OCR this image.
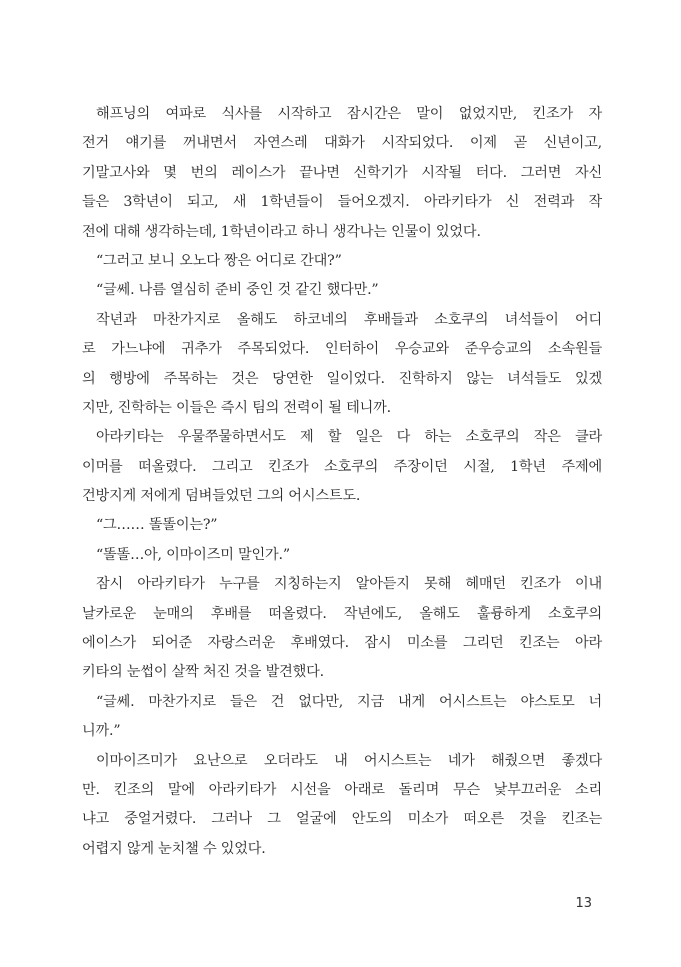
해프닝의 여파로 식사를 시작하고 잠시간은 말이 없었지만, 킨조가 자
전거 얘기를 꺼내면서 자연스레 대화가 시작되었다. 이제 곧 신년이고,
기말고사와 몇 번의 레이스가 끝나면 신학기가 시작될 터다. 그러면 자신
들은 3학년이 되고, 새 1학년들이 들어오겠지. 아라키타가 신 전력과 작
전에 대해 생각하는데, 1학년이라고 하니 생각나는 인물이 있었다.

“그러고 보니 오노다 짱은 어디로 간대?”

“글쎄. 나름 열심히 준비 중인 것 같긴 했다만.”

작년과 마찬가지로 올해도 하코네의 후배들과 소호쿠의 녀석들이 어디
로 가느냐에 귀추가 주목되었다. 인터하이 우승교와 준우승교의 소속원들
의 행방에 주목하는 것은 당연한 일이었다. 진학하지 않는 녀석들도 있겠
지만, 진학하는 이들은 즉시 팀의 전력이 될 테니까.

아라키타는 우물쭈물하면서도 제 할 일은 다 하는 소호쿠의 작은 클라
이머를 떠올렸다. 그리고 킨조가 소호쿠의 주장이던 시절, 1학년 주제에
건방지게 저에게 덤벼들었던 그의 어시스트도.

“그…… 똘똘이는?”

“똘똘…아, 이마이즈미 말인가.”

잠시 아라키타가 누구를 지칭하는지 알아듣지 못해 헤매던 킨조가 이내
날카로운 눈매의 후배를 떠올렸다. 작년에도, 올해도 훌륭하게 소호쿠의
에이스가 되어준 자랑스러운 후배였다. 잠시 미소를 그리던 킨조는 아라
키타의 눈썹이 살짝 처진 것을 발견했다.

“글쎄. 마찬가지로 들은 건 없다만, 지금 내게 어시스트는 야스토모 너
니까.”

이마이즈미가 요난으로 오더라도 내 어시스트는 네가 해줬으면 좋겠다
만. 킨조의 말에 아라키타가 시선을 아래로 돌리며 무슨 낯부끄러운 소리
냐고 중얼거렸다. 그러나 그 얼굴에 안도의 미소가 떠오른 것을 킨조는
어렵지 않게 눈치챌 수 있었다.

13
